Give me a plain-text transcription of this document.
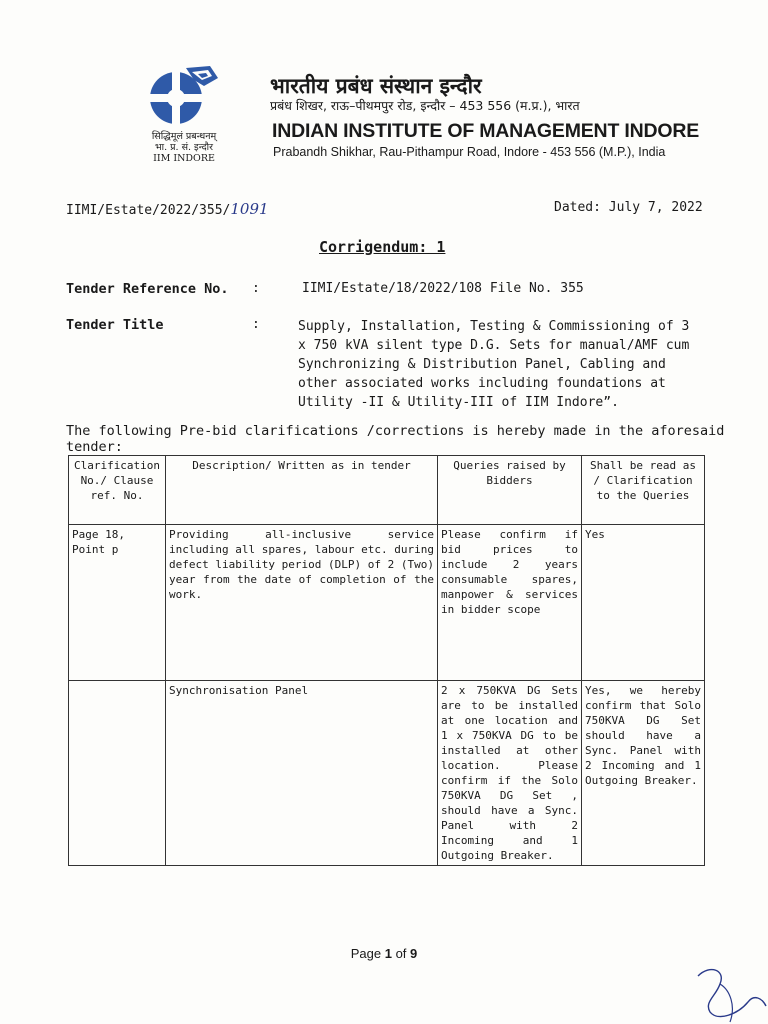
सिद्धिमूलं प्रबन्धनम्
भा. प्र. सं. इन्दौर
IIM INDORE
भारतीय प्रबंध संस्थान इन्दौर
प्रबंध शिखर, राऊ–पीथमपुर रोड, इन्दौर – 453 556 (म.प्र.), भारत
INDIAN INSTITUTE OF MANAGEMENT INDORE
Prabandh Shikhar, Rau-Pithampur Road, Indore - 453 556 (M.P.), India
IIMI/Estate/2022/355/1091	Dated: July 7, 2022
Corrigendum: 1
Tender Reference No. :	IIMI/Estate/18/2022/108 File No. 355
Tender Title	:	Supply, Installation, Testing & Commissioning of 3 x 750 kVA silent type D.G. Sets for manual/AMF cum Synchronizing & Distribution Panel, Cabling and other associated works including foundations at Utility -II & Utility-III of IIM Indore”.
The following Pre-bid clarifications /corrections is hereby made in the aforesaid tender:
Clarification No./ Clause ref. No.	Description/ Written as in tender	Queries raised by Bidders	Shall be read as / Clarification to the Queries
Page 18, Point p	Providing all-inclusive service including all spares, labour etc. during defect liability period (DLP) of 2 (Two) year from the date of completion of the work.	Please confirm if bid prices to include 2 years consumable spares, manpower & services in bidder scope	Yes
	Synchronisation Panel	2 x 750KVA DG Sets are to be installed at one location and 1 x 750KVA DG to be installed at other location. Please confirm if the Solo 750KVA DG Set , should have a Sync. Panel with 2 Incoming and 1 Outgoing Breaker.	Yes, we hereby confirm that Solo 750KVA DG Set should have a Sync. Panel with 2 Incoming and 1 Outgoing Breaker.
Page 1 of 9
